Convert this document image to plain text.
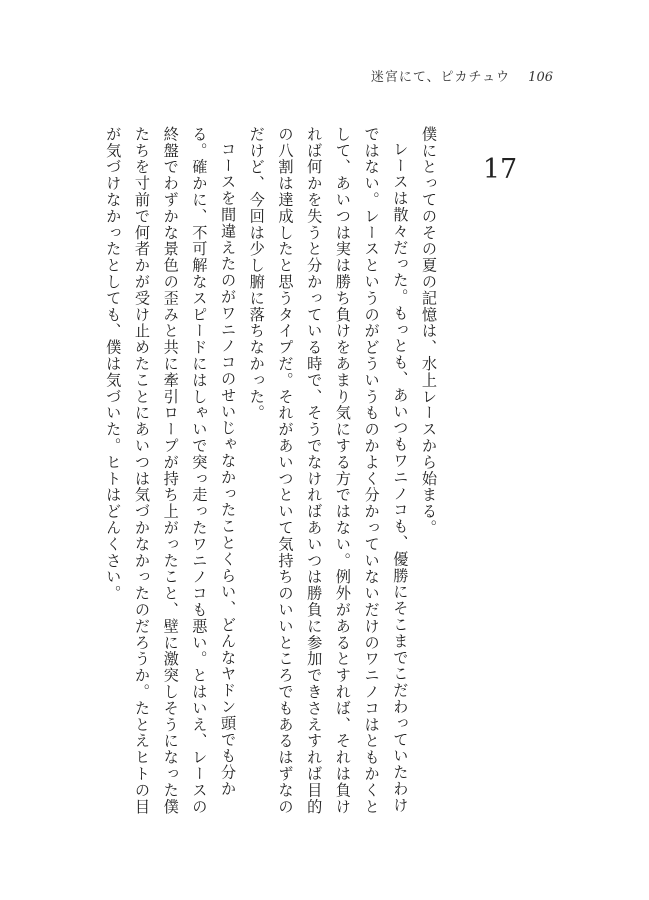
迷宮にて、ピカチュウ 106
17

僕にとってのその夏の記憶は、水上レースから始まる。

レースは散々だった。もっとも、あいつもワニノコも、優勝にそこまでこだわっていたわけではない。レースというのがどういうものかよく分かっていないだけのワニノコはともかくとして、あいつは実は勝ち負けをあまり気にする方ではない。例外があるとすれば、それは負ければ何かを失うと分かっている時で、そうでなければあいつは勝負に参加できさえすれば目的の八割は達成したと思うタイプだ。それがあいつといて気持ちのいいところでもあるはずなのだけど、今回は少し腑に落ちなかった。

コースを間違えたのがワニノコのせいじゃなかったことくらい、どんなヤドン頭でも分かる。確かに、不可解なスピードにはしゃいで突っ走ったワニノコも悪い。とはいえ、レースの終盤でわずかな景色の歪みと共に牽引ロープが持ち上がったこと、壁に激突しそうになった僕たちを寸前で何者かが受け止めたことにあいつは気づかなかったのだろうか。たとえヒトの目が気づけなかったとしても、僕は気づいた。ヒトはどんくさい。
